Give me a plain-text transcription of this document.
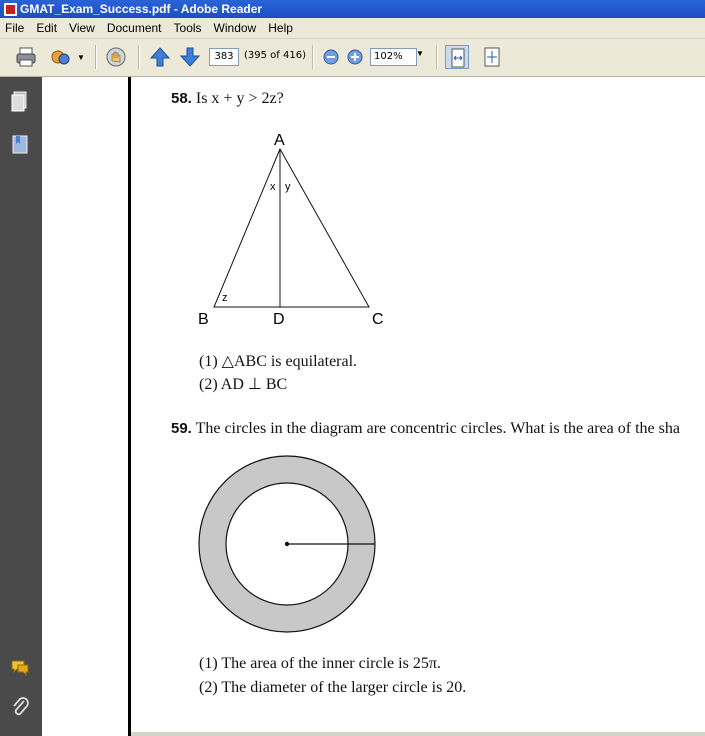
GMAT_Exam_Success.pdf - Adobe Reader
File	Edit	View	Document	Tools	Window	Help
▼	383	(395 of 416)	102%	▼
58. Is x + y > 2z?
A
B	C
D
x y
z
(1) △ABC is equilateral.
(2) AD ⊥ BC
59. The circles in the diagram are concentric circles. What is the area of the sha
(1) The area of the inner circle is 25π.
(2) The diameter of the larger circle is 20.
